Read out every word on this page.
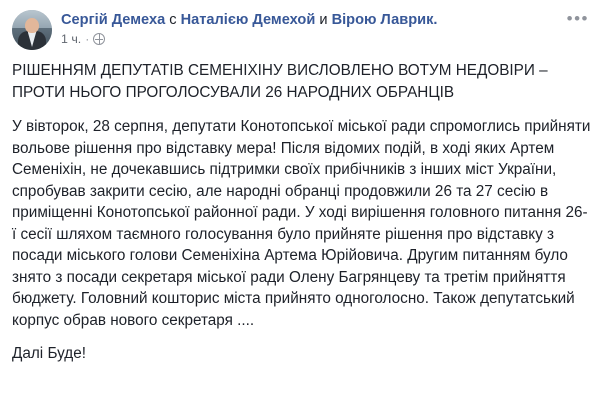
Сергій Демеха с Наталією Демехой и Вірою Лаврик.
1 ч. ·
•••

РІШЕННЯМ ДЕПУТАТІВ СЕМЕНІХІНУ ВИСЛОВЛЕНО ВОТУМ НЕДОВІРИ – ПРОТИ НЬОГО ПРОГОЛОСУВАЛИ 26 НАРОДНИХ ОБРАНЦІВ

У вівторок, 28 серпня, депутати Конотопської міської ради спромоглись прийняти вольове рішення про відставку мера! Після відомих подій, в ході яких Артем Семеніхін, не дочекавшись підтримки своїх прибічників з інших міст України, спробував закрити сесію, але народні обранці продовжили 26 та 27 сесію в приміщенні Конотопської районної ради. У ході вирішення головного питання 26-ї сесії шляхом таємного голосування було прийняте рішення про відставку з посади міського голови Семеніхіна Артема Юрійовича. Другим питанням було знято з посади секретаря міської ради Олену Багрянцеву та третім прийняття бюджету. Головний кошторис міста прийнято одноголосно. Також депутатський корпус обрав нового секретаря ....

Далі Буде!
